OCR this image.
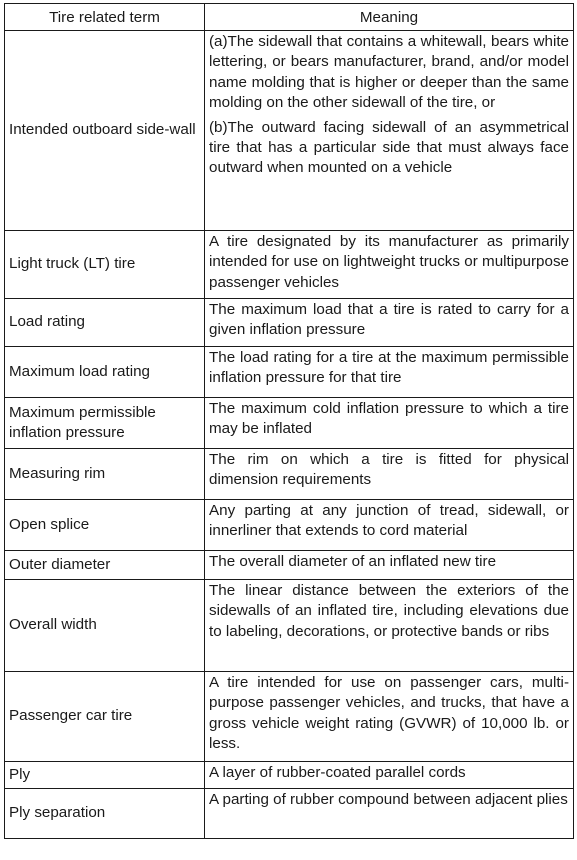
Tire related term	Meaning
Intended outboard side-wall	(a)The sidewall that contains a whitewall, bears white lettering, or bears manufacturer, brand, and/or model name molding that is higher or deeper than the same molding on the other sidewall of the tire, or
(b)The outward facing sidewall of an asymmetrical tire that has a particular side that must always face outward when mounted on a vehicle

Light truck (LT) tire	A tire designated by its manufacturer as primarily intended for use on lightweight trucks or multipurpose passenger vehicles

Load rating	The maximum load that a tire is rated to carry for a given inflation pressure

Maximum load rating	The load rating for a tire at the maximum permissible inflation pressure for that tire

Maximum permissible inflation pressure	The maximum cold inflation pressure to which a tire may be inflated

Measuring rim	The rim on which a tire is fitted for physical dimension requirements

Open splice	Any parting at any junction of tread, sidewall, or innerliner that extends to cord material

Outer diameter	The overall diameter of an inflated new tire

Overall width	The linear distance between the exteriors of the sidewalls of an inflated tire, including elevations due to labeling, decorations, or protective bands or ribs

Passenger car tire	A tire intended for use on passenger cars, multipurpose passenger vehicles, and trucks, that have a gross vehicle weight rating (GVWR) of 10,000 lb. or less.

Ply	A layer of rubber-coated parallel cords

Ply separation	A parting of rubber compound between adjacent plies
